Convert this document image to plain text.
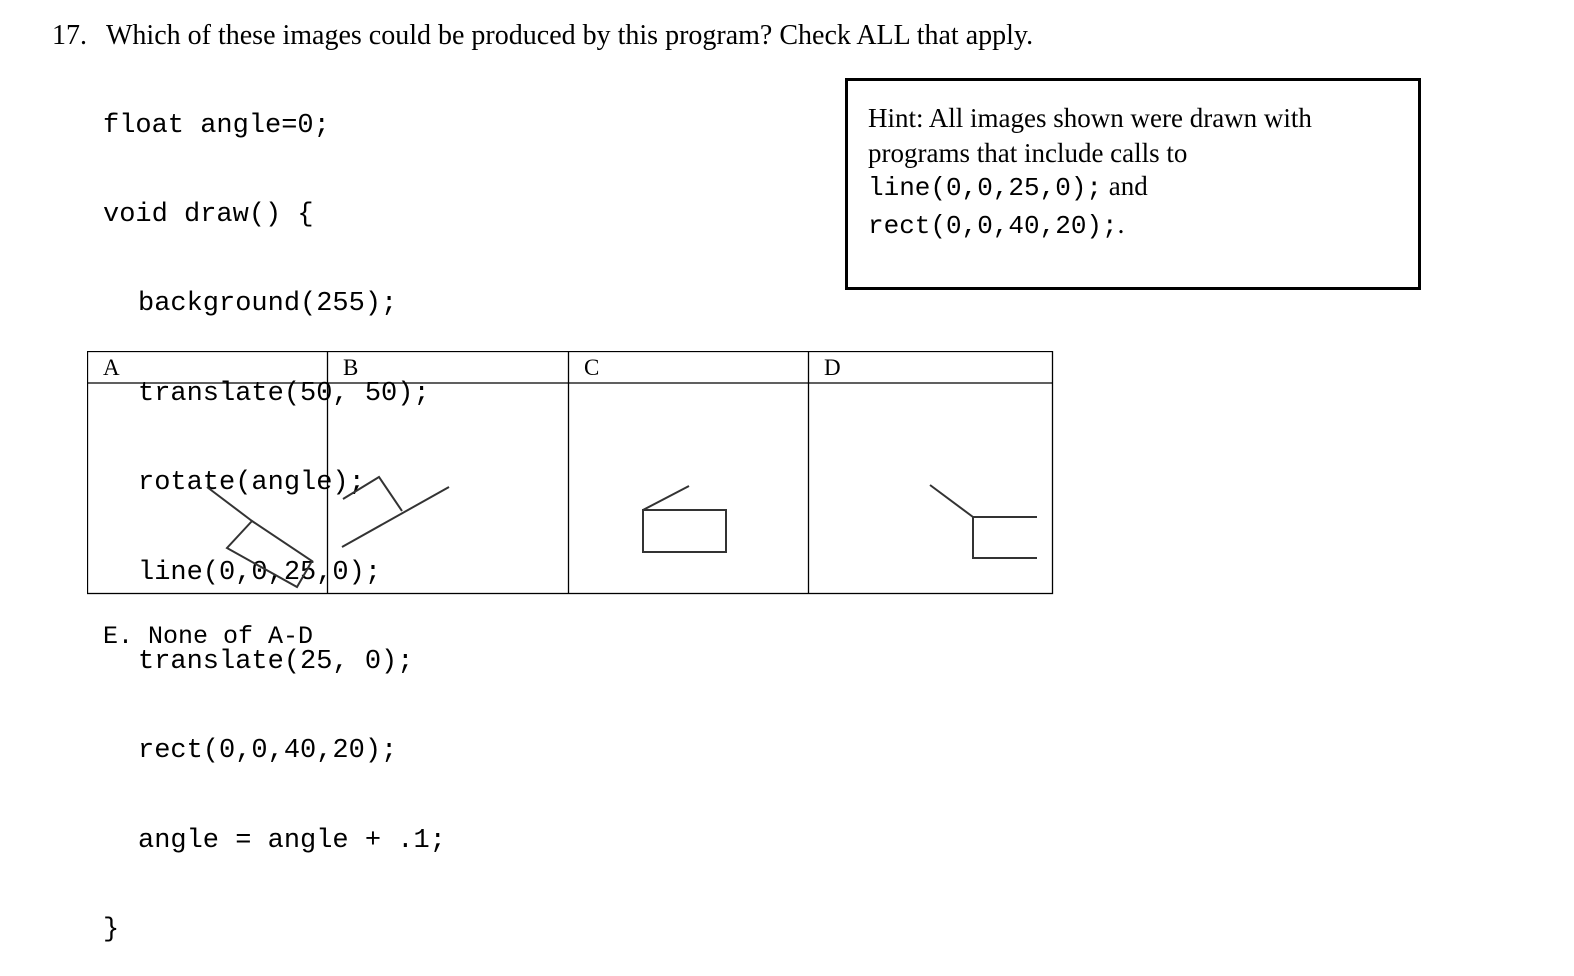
17. Which of these images could be produced by this program? Check ALL that apply.

float angle=0;

void draw() {

background(255);

translate(50, 50);

rotate(angle);

line(0,0,25,0);

translate(25, 0);

rect(0,0,40,20);

angle = angle + .1;

}

Hint: All images shown were drawn with
programs that include calls to
line(0,0,25,0); and
rect(0,0,40,20);.
A	B	C	D
E. None of A-D
